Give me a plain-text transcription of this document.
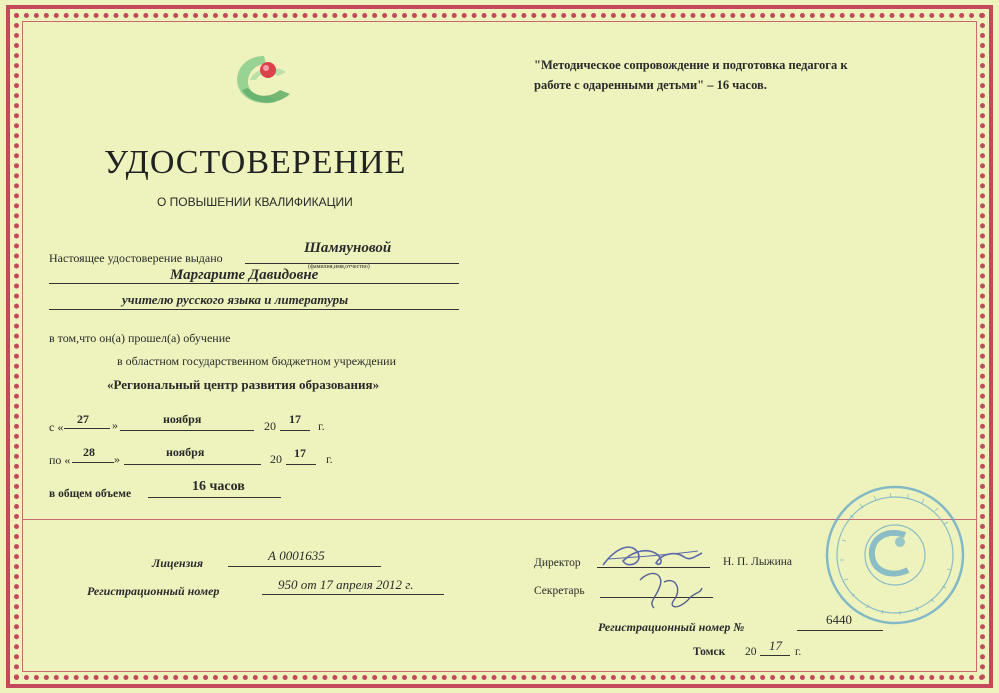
"Методическое сопровождение и подготовка педагога к
работе с одаренными детьми" – 16 часов.
УДОСТОВЕРЕНИЕ
О ПОВЫШЕНИИ КВАЛИФИКАЦИИ
Настоящее удостоверение выдано
Шамяуновой
(фамилия,имя,отчество)
Маргарите Давидовне
учителю русского языка и литературы
в том,что он(а) прошел(а) обучение
в областном государственном бюджетном учреждении
«Региональный центр развития образования»
с «
27 »	ноября	20 17 г.
по «
28 »	ноября	20 17 г.
в общем объеме	16 часов
Лицензия	А 0001635
Регистрационный номер	950 от 17 апреля 2012 г.
Директор	Н. П. Лыжина
Секретарь
Регистрационный номер №	6440
Томск 20 17 г.
